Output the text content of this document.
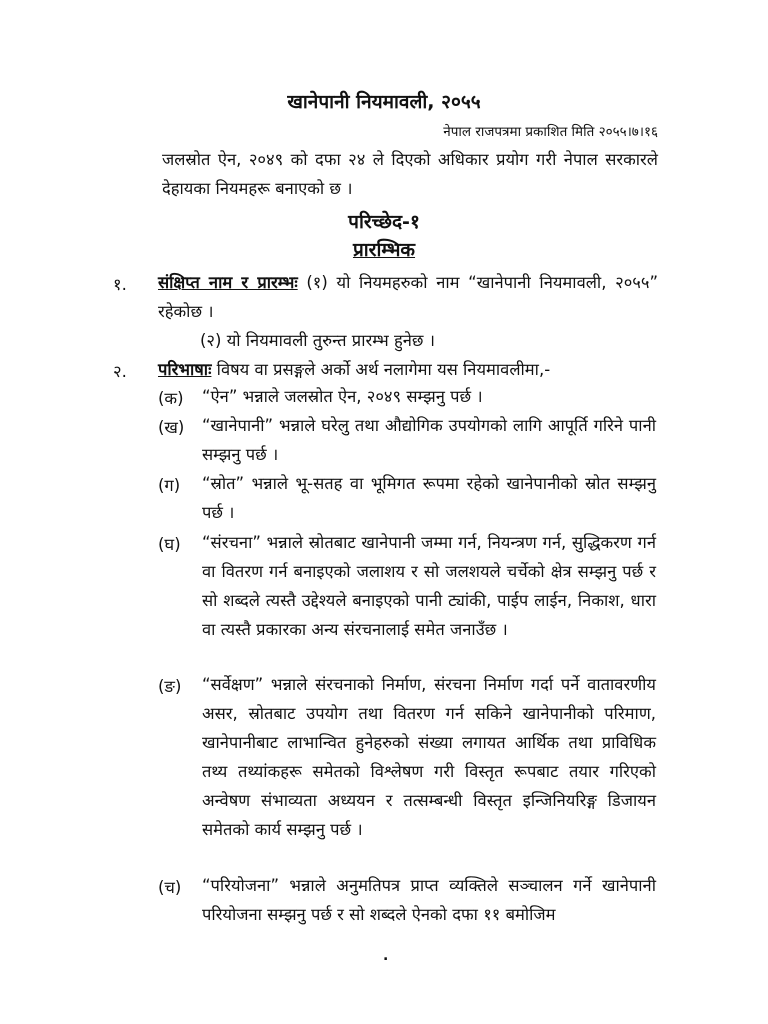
खानेपानी नियमावली, २०५५
नेपाल राजपत्रमा प्रकाशित मिति २०५५।७।१६
जलस्रोत ऐन, २०४९ को दफा २४ ले दिएको अधिकार प्रयोग गरी नेपाल सरकारले देहायका नियमहरू बनाएको छ ।
परिच्छेद-१
प्रारम्भिक
१. संक्षिप्त नाम र प्रारम्भः (१) यो नियमहरुको नाम “खानेपानी नियमावली, २०५५” रहेकोछ ।
(२) यो नियमावली तुरुन्त प्रारम्भ हुनेछ ।
२. परिभाषाः विषय वा प्रसङ्गले अर्को अर्थ नलागेमा यस नियमावलीमा,-
(क) “ऐन” भन्नाले जलस्रोत ऐन, २०४९ सम्झनु पर्छ ।
(ख) “खानेपानी” भन्नाले घरेलु तथा औद्योगिक उपयोगको लागि आपूर्ति गरिने पानी सम्झनु पर्छ ।
(ग) “स्रोत” भन्नाले भू-सतह वा भूमिगत रूपमा रहेको खानेपानीको स्रोत सम्झनु पर्छ ।
(घ) “संरचना” भन्नाले स्रोतबाट खानेपानी जम्मा गर्न, नियन्त्रण गर्न, सुद्धिकरण गर्न वा वितरण गर्न बनाइएको जलाशय र सो जलशयले चर्चेको क्षेत्र सम्झनु पर्छ र सो शब्दले त्यस्तै उद्देश्यले बनाइएको पानी ट्यांकी, पाईप लाईन, निकाश, धारा वा त्यस्तै प्रकारका अन्य संरचनालाई समेत जनाउँछ ।
(ङ) “सर्वेक्षण” भन्नाले संरचनाको निर्माण, संरचना निर्माण गर्दा पर्ने वातावरणीय असर, स्रोतबाट उपयोग तथा वितरण गर्न सकिने खानेपानीको परिमाण, खानेपानीबाट लाभान्वित हुनेहरुको संख्या लगायत आर्थिक तथा प्राविधिक तथ्य तथ्यांकहरू समेतको विश्लेषण गरी विस्तृत रूपबाट तयार गरिएको अन्वेषण संभाव्यता अध्ययन र तत्सम्बन्धी विस्तृत इन्जिनियरिङ्ग डिजायन समेतको कार्य सम्झनु पर्छ ।
(च) “परियोजना” भन्नाले अनुमतिपत्र प्राप्त व्यक्तिले सञ्चालन गर्ने खानेपानी परियोजना सम्झनु पर्छ र सो शब्दले ऐनको दफा ११ बमोजिम
.
